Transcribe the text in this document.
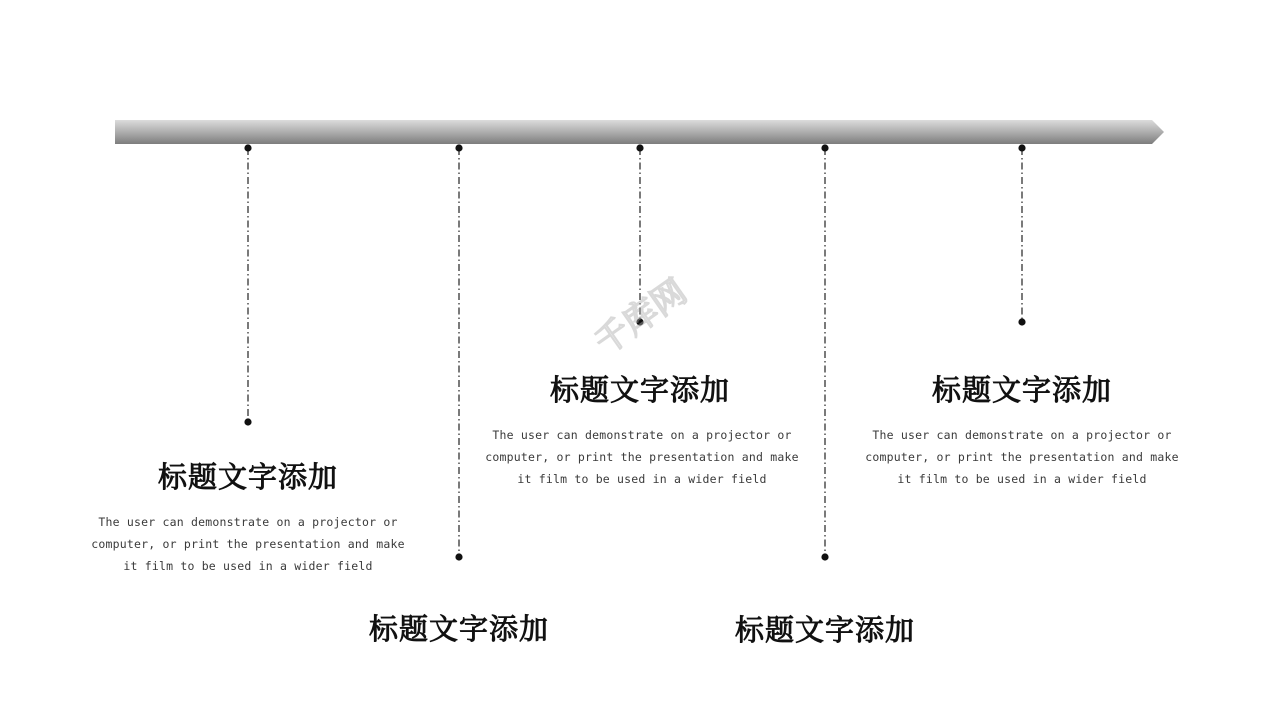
千库网
标题文字添加
The user can demonstrate on a projector or computer, or print the presentation and make it film to be used in a wider field
标题文字添加
标题文字添加
The user can demonstrate on a projector or computer, or print the presentation and make it film to be used in a wider field
标题文字添加
标题文字添加
The user can demonstrate on a projector or computer, or print the presentation and make it film to be used in a wider field
